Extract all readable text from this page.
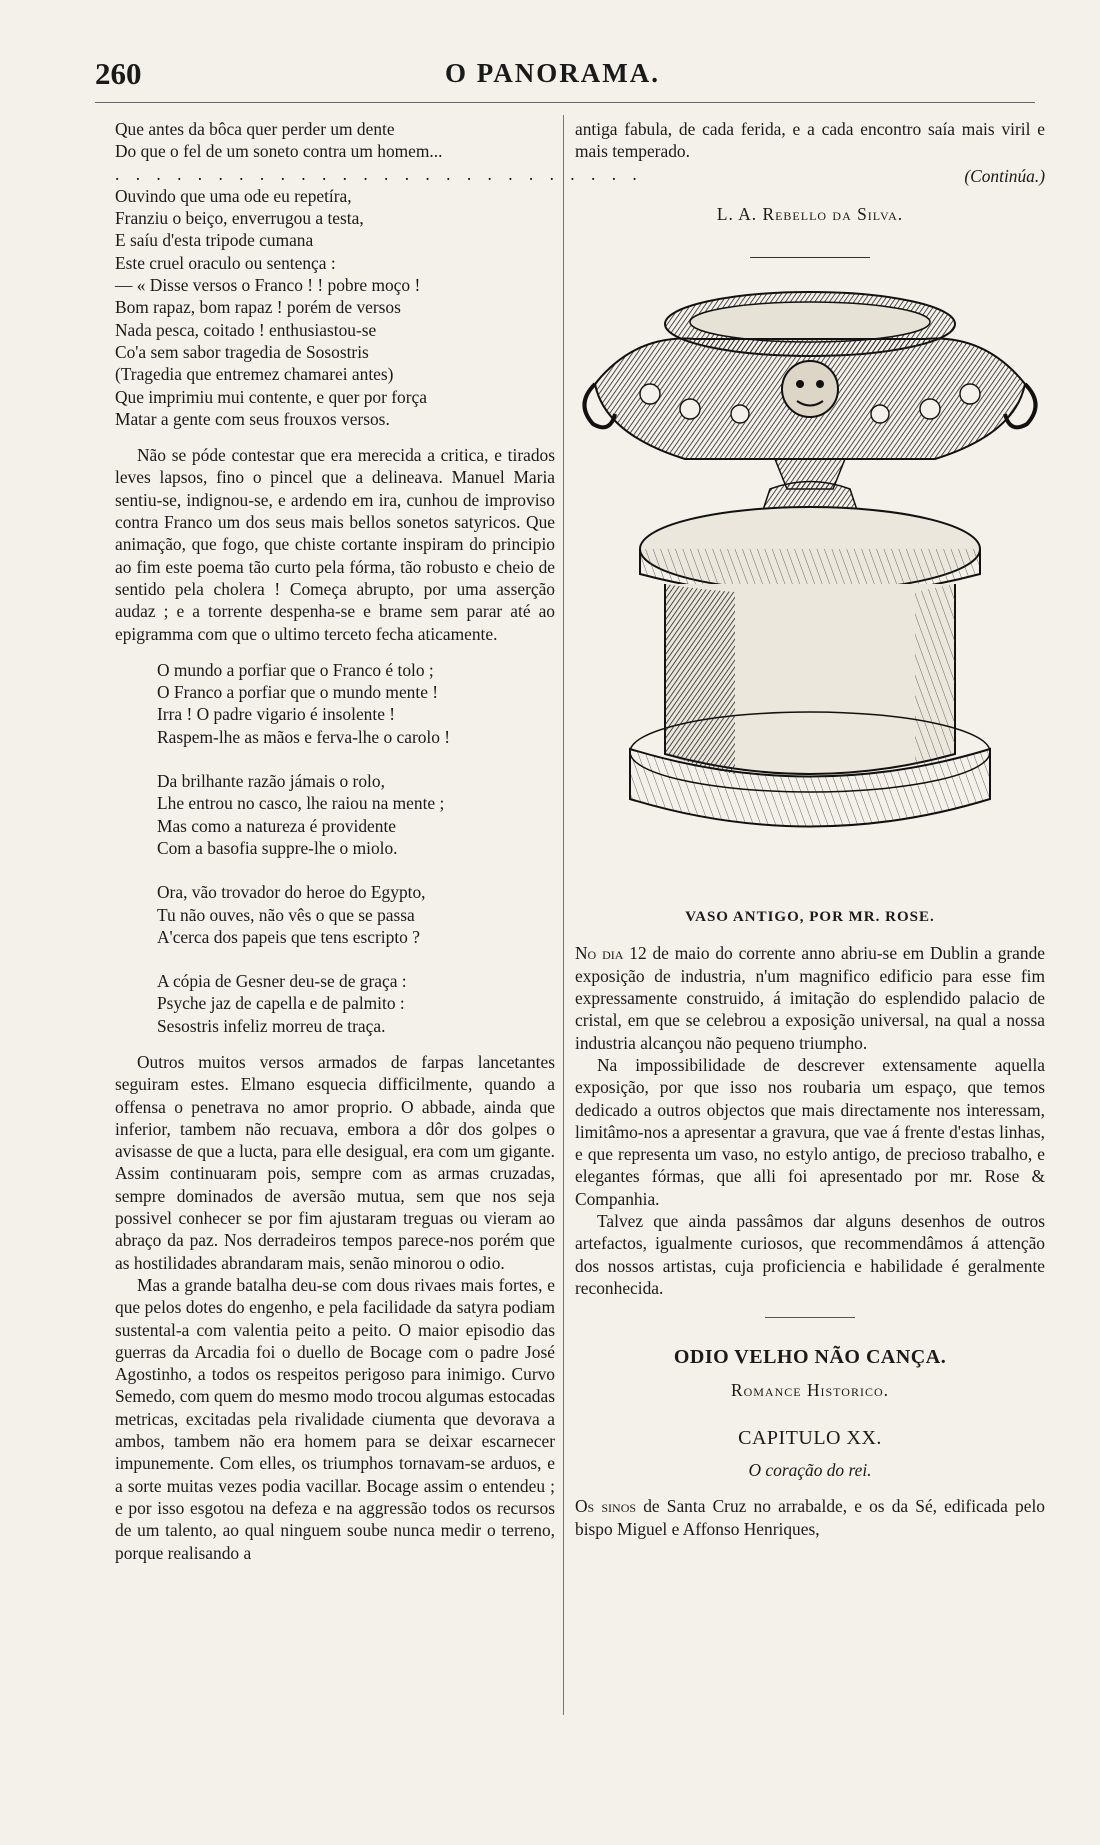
260	O PANORAMA.
Que antes da bôca quer perder um dente
Do que o fel de um soneto contra um homem...
. . . . . . . . . . . . . . . . . . . . . . . . . .
Ouvindo que uma ode eu repetíra,
Franziu o beiço, enverrugou a testa,
E saíu d'esta tripode cumana
Este cruel oraculo ou sentença :
— « Disse versos o Franco ! ! pobre moço !
Bom rapaz, bom rapaz ! porém de versos
Nada pesca, coitado ! enthusiastou-se
Co'a sem sabor tragedia de Sosostris
(Tragedia que entremez chamarei antes)
Que imprimiu mui contente, e quer por força
Matar a gente com seus frouxos versos.

Não se póde contestar que era merecida a critica, e tirados leves lapsos, fino o pincel que a delineava. Manuel Maria sentiu-se, indignou-se, e ardendo em ira, cunhou de improviso contra Franco um dos seus mais bellos sonetos satyricos. Que animação, que fogo, que chiste cortante inspiram do principio ao fim este poema tão curto pela fórma, tão robusto e cheio de sentido pela cholera ! Começa abrupto, por uma asserção audaz ; e a torrente despenha-se e brame sem parar até ao epigramma com que o ultimo terceto fecha aticamente.

O mundo a porfiar que o Franco é tolo ;
O Franco a porfiar que o mundo mente !
Irra ! O padre vigario é insolente !
Raspem-lhe as mãos e ferva-lhe o carolo !
Da brilhante razão jámais o rolo,
Lhe entrou no casco, lhe raiou na mente ;
Mas como a natureza é providente
Com a basofia supprе-lhe o miolo.
Ora, vão trovador do heroe do Egypto,
Tu não ouves, não vês o que se passa
A'cerca dos papeis que tens escripto ?
A cópia de Gesner deu-se de graça :
Psyche jaz de capella e de palmito :
Sesostris infeliz morreu de traça.

Outros muitos versos armados de farpas lancetantes seguiram estes. Elmano esquecia difficilmente, quando a offensa o penetrava no amor proprio. O abbade, ainda que inferior, tambem não recuava, embora a dôr dos golpes o avisasse de que a lucta, para elle desigual, era com um gigante. Assim continuaram pois, sempre com as armas cruzadas, sempre dominados de aversão mutua, sem que nos seja possivel conhecer se por fim ajustaram treguas ou vieram ao abraço da paz. Nos derradeiros tempos parece-nos porém que as hostilidades abrandaram mais, senão minorou o odio.

Mas a grande batalha deu-se com dous rivaes mais fortes, e que pelos dotes do engenho, e pela facilidade da satyra podiam sustental-a com valentia peito a peito. O maior episodio das guerras da Arcadia foi o duello de Bocage com o padre José Agostinho, a todos os respeitos perigoso para inimigo. Curvo Semedo, com quem do mesmo modo trocou algumas estocadas metricas, excitadas pela rivalidade ciumenta que devorava a ambos, tambem não era homem para se deixar escarnecer impunemente. Com elles, os triumphos tornavam-se arduos, e a sorte muitas vezes podia vacillar. Bocage assim o entendeu ; e por isso esgotou na defeza e na aggressão todos os recursos de um talento, ao qual ninguem soube nunca medir o terreno, porque realisando a

antiga fabula, de cada ferida, e a cada encontro saía mais viril e mais temperado.

(Continúa.)
L. A. Rebello da Silva.
VASO ANTIGO, POR MR. ROSE.

No dia 12 de maio do corrente anno abriu-se em Dublin a grande exposição de industria, n'um magnifico edificio para esse fim expressamente construido, á imitação do esplendido palacio de cristal, em que se celebrou a exposição universal, na qual a nossa industria alcançou não pequeno triumpho.

Na impossibilidade de descrever extensamente aquella exposição, por que isso nos roubaria um espaço, que temos dedicado a outros objectos que mais directamente nos interessam, limitâmo-nos a apresentar a gravura, que vae á frente d'estas linhas, e que representa um vaso, no estylo antigo, de precioso trabalho, e elegantes fórmas, que alli foi apresentado por mr. Rose & Companhia.

Talvez que ainda passâmos dar alguns desenhos de outros artefactos, igualmente curiosos, que recommendâmos á attenção dos nossos artistas, cuja proficiencia e habilidade é geralmente reconhecida.

ODIO VELHO NÃO CANÇA.
Romance Historico.
CAPITULO XX.
O coração do rei.

Os sinos de Santa Cruz no arrabalde, e os da Sé, edificada pelo bispo Miguel e Affonso Henriques,
